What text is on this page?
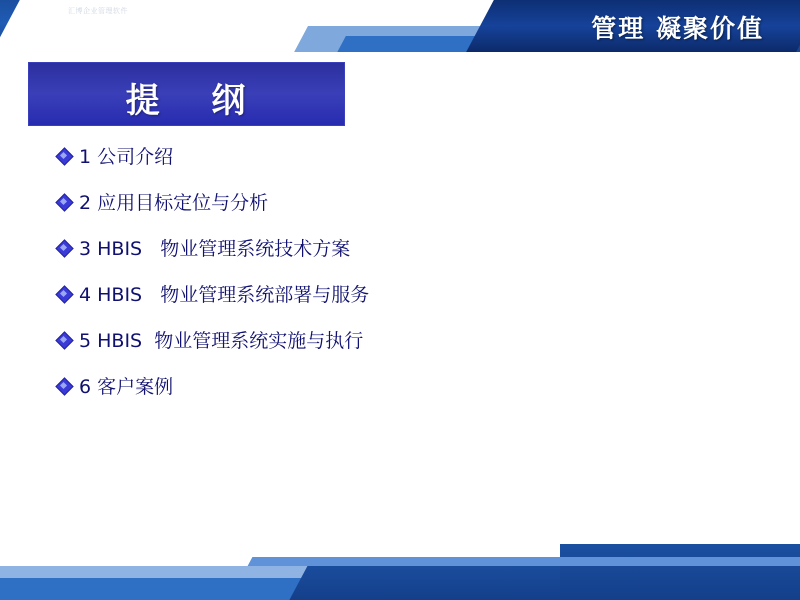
汇博企业管理软件
管理 凝聚价值
提 纲
1 公司介绍
2 应用目标定位与分析
3 HBIS   物业管理系统技术方案
4 HBIS   物业管理系统部署与服务
5 HBIS  物业管理系统实施与执行
6 客户案例
